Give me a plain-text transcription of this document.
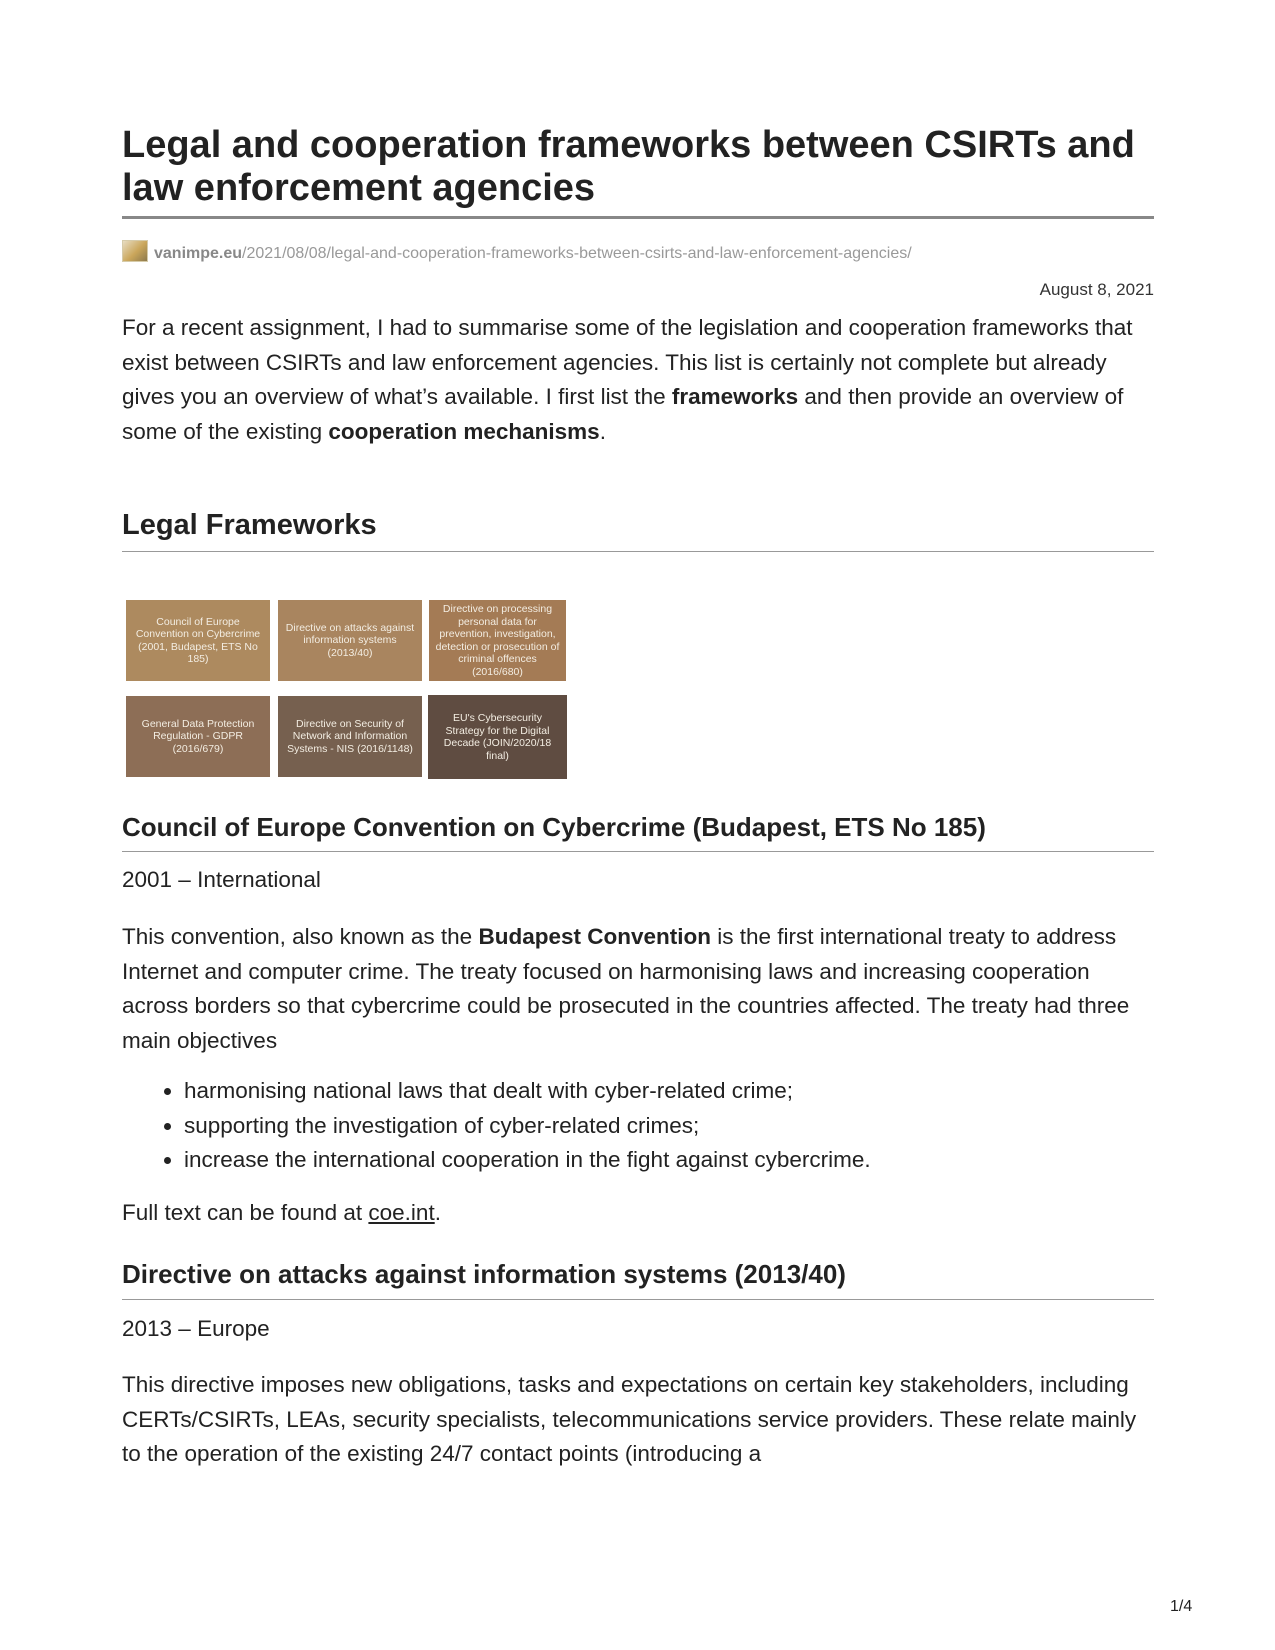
Legal and cooperation frameworks between CSIRTs and law enforcement agencies
vanimpe.eu/2021/08/08/legal-and-cooperation-frameworks-between-csirts-and-law-enforcement-agencies/
August 8, 2021

For a recent assignment, I had to summarise some of the legislation and cooperation frameworks that exist between CSIRTs and law enforcement agencies. This list is certainly not complete but already gives you an overview of what’s available. I first list the frameworks and then provide an overview of some of the existing cooperation mechanisms.

Legal Frameworks
Council of Europe Convention on Cybercrime (2001, Budapest, ETS No 185)
Directive on attacks against information systems (2013/40)
Directive on processing personal data for prevention, investigation, detection or prosecution of criminal offences (2016/680)
General Data Protection Regulation - GDPR (2016/679)
Directive on Security of Network and Information Systems - NIS (2016/1148)
EU's Cybersecurity Strategy for the Digital Decade (JOIN/2020/18 final)
Council of Europe Convention on Cybercrime (Budapest, ETS No 185)

2001 – International

This convention, also known as the Budapest Convention is the first international treaty to address Internet and computer crime. The treaty focused on harmonising laws and increasing cooperation across borders so that cybercrime could be prosecuted in the countries affected. The treaty had three main objectives

• harmonising national laws that dealt with cyber-related crime;
• supporting the investigation of cyber-related crimes;
• increase the international cooperation in the fight against cybercrime.

Full text can be found at coe.int.

Directive on attacks against information systems (2013/40)

2013 – Europe

This directive imposes new obligations, tasks and expectations on certain key stakeholders, including CERTs/CSIRTs, LEAs, security specialists, telecommunications service providers. These relate mainly to the operation of the existing 24/7 contact points (introducing a

1/4
